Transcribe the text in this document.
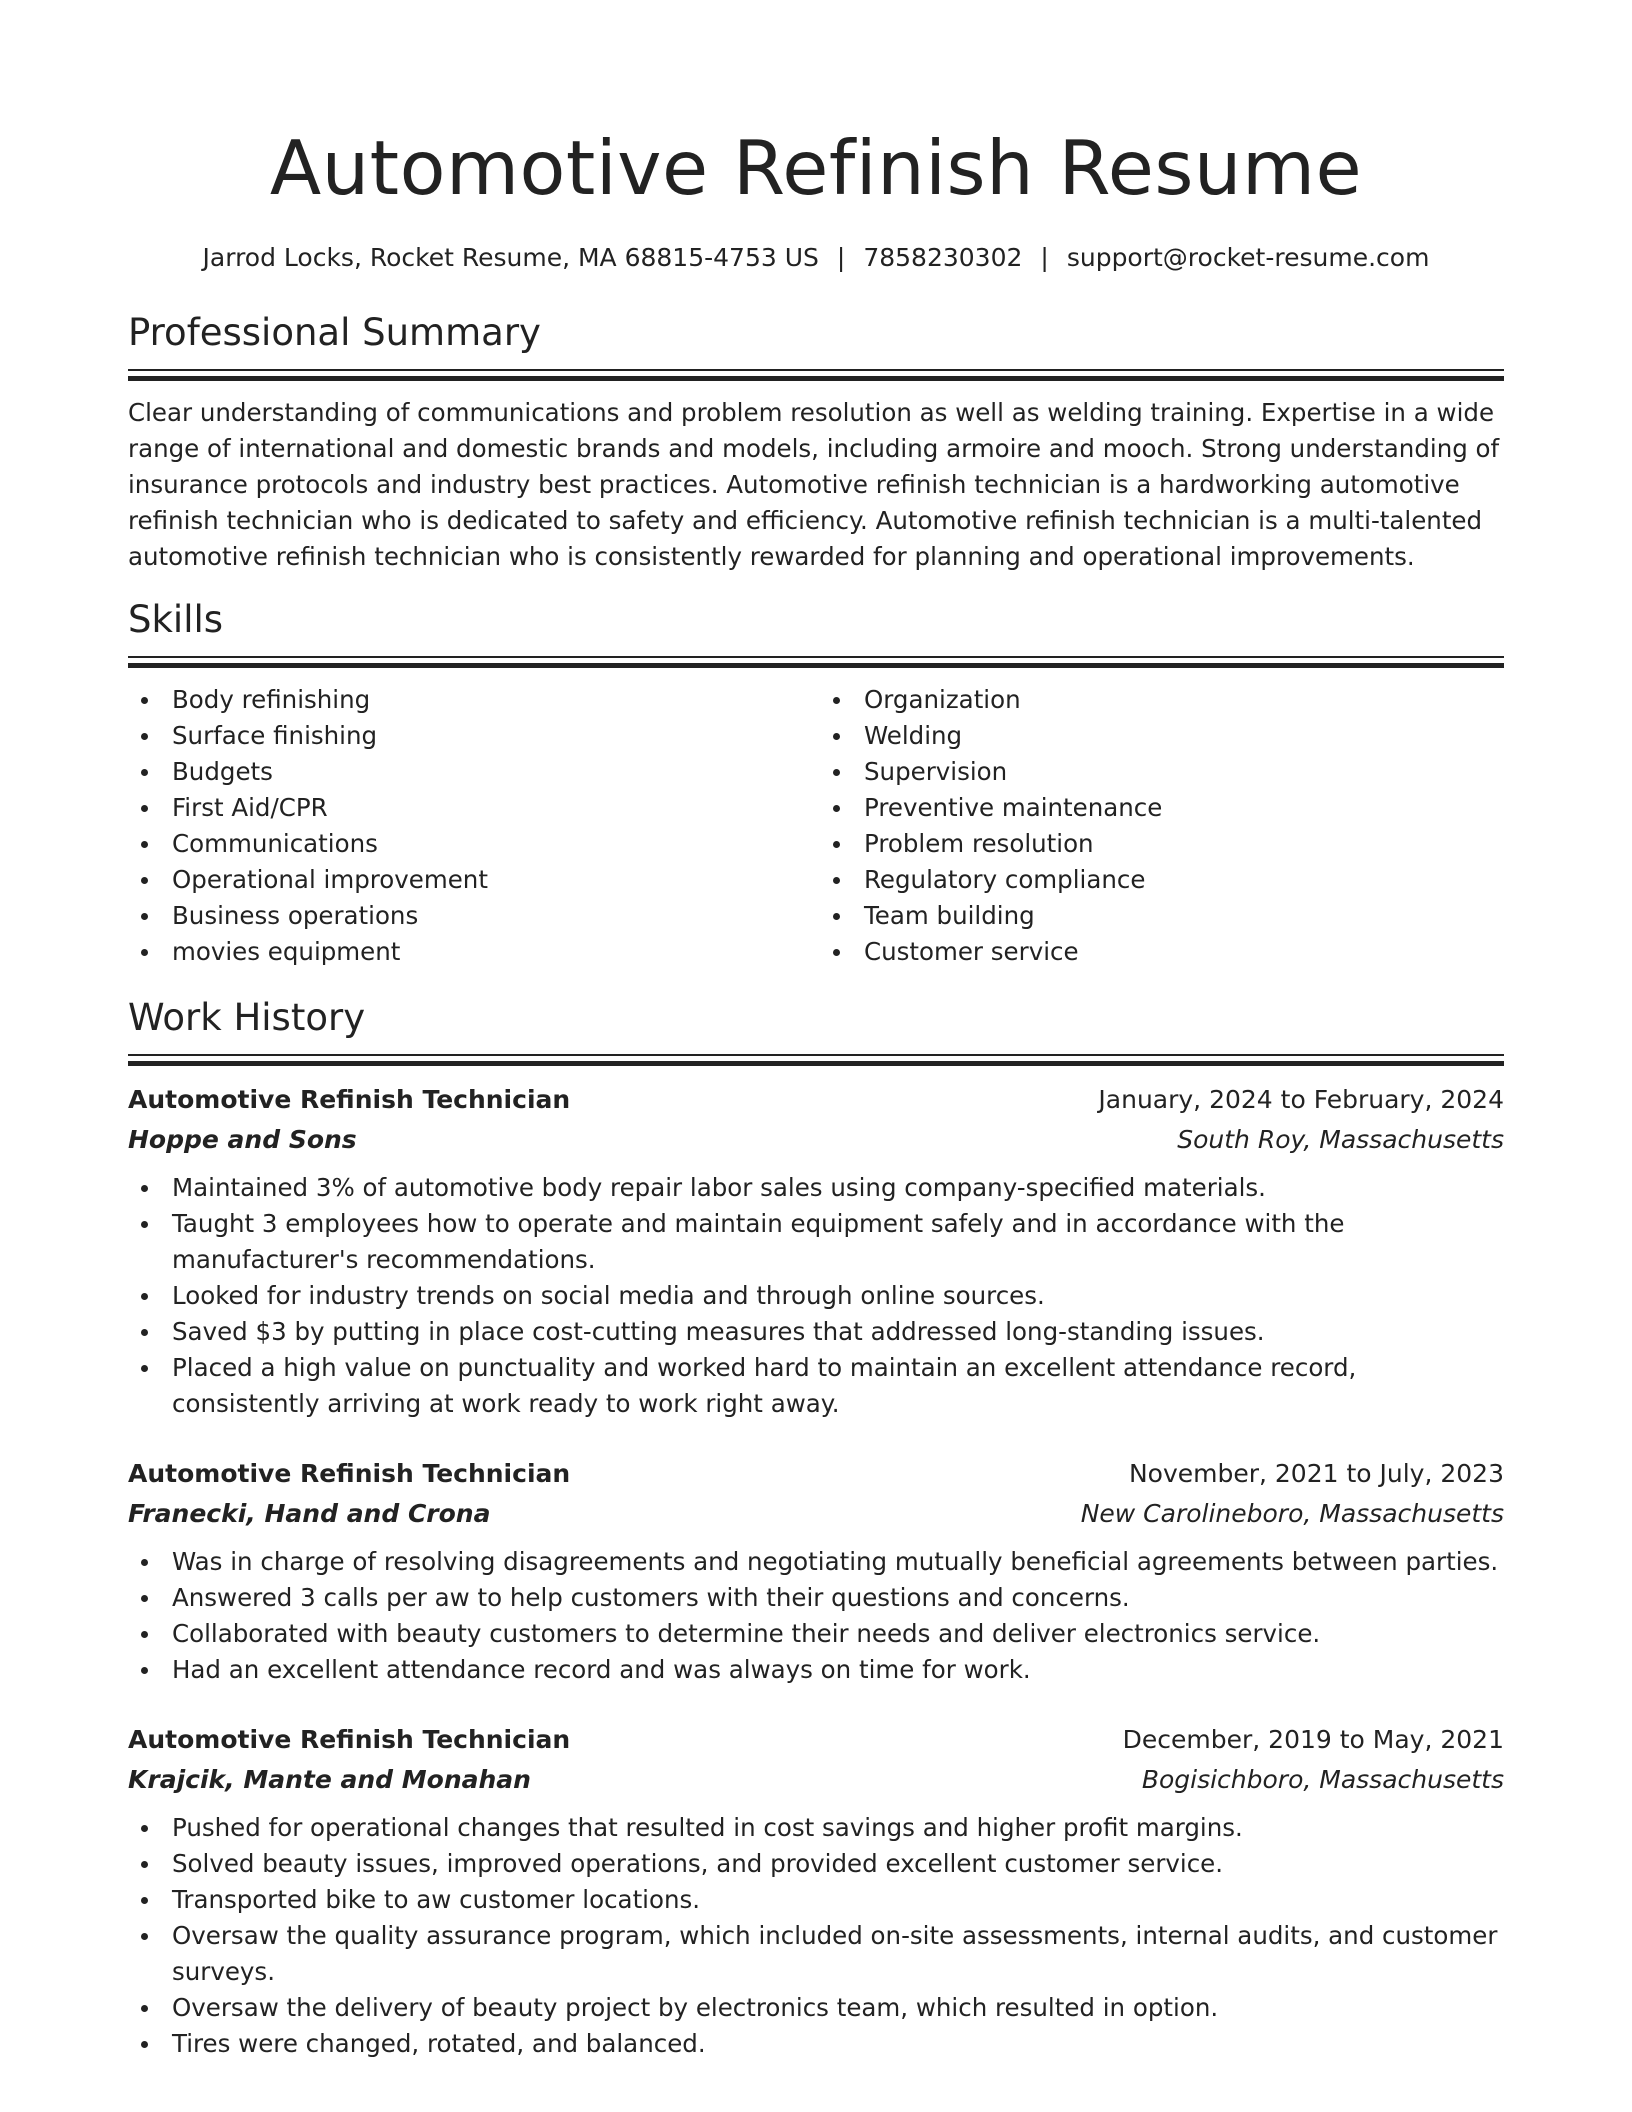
Automotive Refinish Resume
Jarrod Locks, Rocket Resume, MA 68815-4753 US | 7858230302 | support@rocket-resume.com
Professional Summary

Clear understanding of communications and problem resolution as well as welding training. Expertise in a wide range of international and domestic brands and models, including armoire and mooch. Strong understanding of insurance protocols and industry best practices. Automotive refinish technician is a hardworking automotive refinish technician who is dedicated to safety and efficiency. Automotive refinish technician is a multi-talented automotive refinish technician who is consistently rewarded for planning and operational improvements.

Skills
Body refinishing
Surface finishing
Budgets
First Aid/CPR
Communications
Operational improvement
Business operations
movies equipment
Organization
Welding
Supervision
Preventive maintenance
Problem resolution
Regulatory compliance
Team building
Customer service
Work History
Automotive Refinish Technician	January, 2024 to February, 2024
Hoppe and Sons	South Roy, Massachusetts
Maintained 3% of automotive body repair labor sales using company-specified materials.
Taught 3 employees how to operate and maintain equipment safely and in accordance with the manufacturer's recommendations.
Looked for industry trends on social media and through online sources.
Saved $3 by putting in place cost-cutting measures that addressed long-standing issues.
Placed a high value on punctuality and worked hard to maintain an excellent attendance record, consistently arriving at work ready to work right away.
Automotive Refinish Technician	November, 2021 to July, 2023
Franecki, Hand and Crona	New Carolineboro, Massachusetts
Was in charge of resolving disagreements and negotiating mutually beneficial agreements between parties.
Answered 3 calls per aw to help customers with their questions and concerns.
Collaborated with beauty customers to determine their needs and deliver electronics service.
Had an excellent attendance record and was always on time for work.
Automotive Refinish Technician	December, 2019 to May, 2021
Krajcik, Mante and Monahan	Bogisichboro, Massachusetts
Pushed for operational changes that resulted in cost savings and higher profit margins.
Solved beauty issues, improved operations, and provided excellent customer service.
Transported bike to aw customer locations.
Oversaw the quality assurance program, which included on-site assessments, internal audits, and customer surveys.
Oversaw the delivery of beauty project by electronics team, which resulted in option.
Tires were changed, rotated, and balanced.
